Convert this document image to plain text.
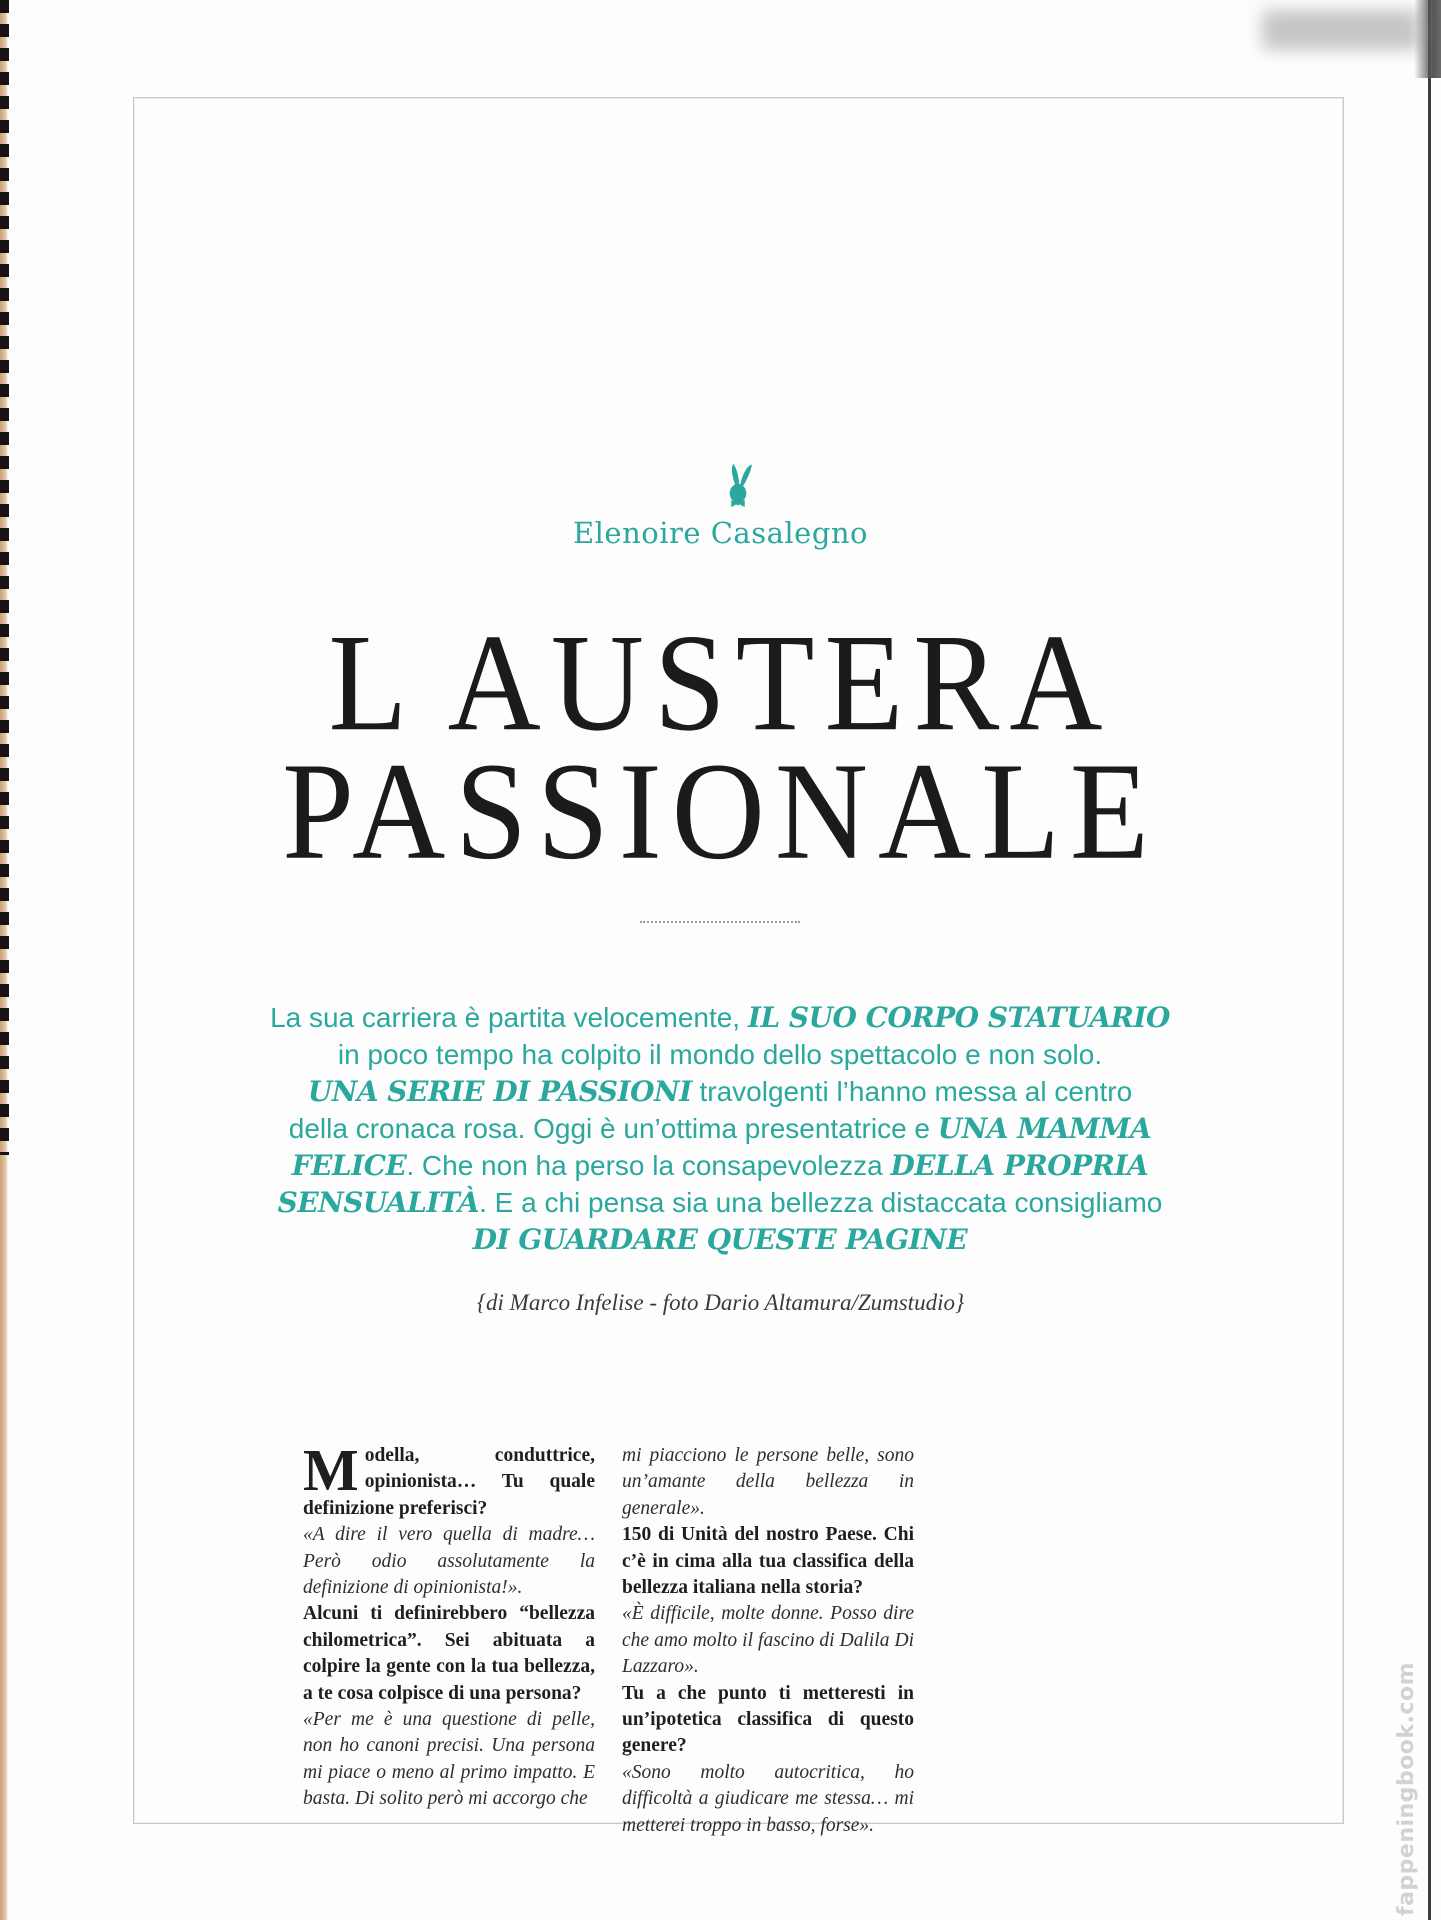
Elenoire Casalegno
L AUSTERA
PASSIONALE
La sua carriera è partita velocemente, IL SUO CORPO STATUARIO
in poco tempo ha colpito il mondo dello spettacolo e non solo.
UNA SERIE DI PASSIONI travolgenti l’hanno messa al centro
della cronaca rosa. Oggi è un’ottima presentatrice e UNA MAMMA
FELICE. Che non ha perso la consapevolezza DELLA PROPRIA
SENSUALITÀ. E a chi pensa sia una bellezza distaccata consigliamo
DI GUARDARE QUESTE PAGINE
{di Marco Infelise - foto Dario Altamura/Zumstudio}

Modella, conduttrice, opinionista… Tu quale definizione preferisci?

«A dire il vero quella di madre… Però odio assolutamente la definizione di opinionista!».

Alcuni ti definirebbero “bellezza chilometrica”. Sei abituata a colpire la gente con la tua bellezza, a te cosa colpisce di una persona?

«Per me è una questione di pelle, non ho canoni precisi. Una persona mi piace o meno al primo impatto. E basta. Di solito però mi accorgo che

mi piacciono le persone belle, sono un’amante della bellezza in generale».

150 di Unità del nostro Paese. Chi c’è in cima alla tua classifica della bellezza italiana nella storia?

«È difficile, molte donne. Posso dire che amo molto il fascino di Dalila Di Lazzaro».

Tu a che punto ti metteresti in un’ipotetica classifica di questo genere?

«Sono molto autocritica, ho difficoltà a giudicare me stessa… mi metterei troppo in basso, forse».	fappeningbook.com
